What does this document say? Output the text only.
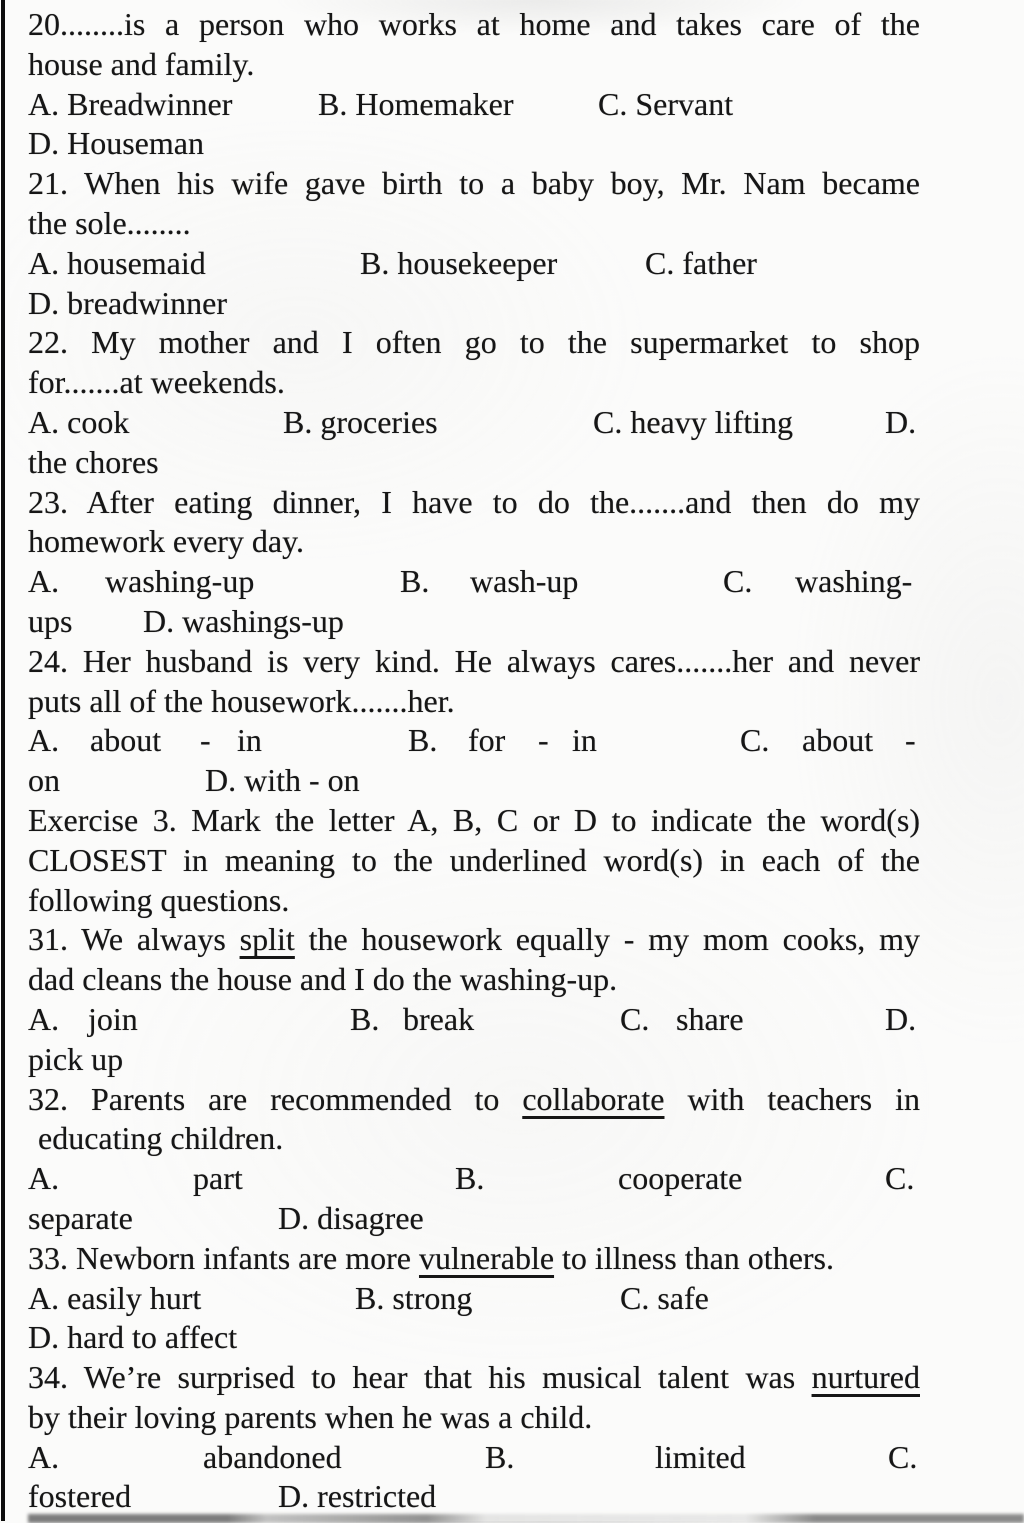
20........is a person who works at home and takes care of the
house and family.
A. Breadwinner	B. Homemaker	C. Servant
D. Houseman
21. When his wife gave birth to a baby boy, Mr. Nam became
the sole........
A. housemaid	B. housekeeper	C. father
D. breadwinner
22. My mother and I often go to the supermarket to shop
for.......at weekends.
A. cook	B. groceries	C. heavy lifting	D.
the chores
23. After eating dinner, I have to do the.......and then do my
homework every day.
A. washing-up	B. wash-up	C. washing-
ups D. washings-up
24. Her husband is very kind. He always cares.......her and never
puts all of the housework.......her.
A. about - in	B. for - in	C. about -
on	D. with - on
Exercise 3. Mark the letter A, B, C or D to indicate the word(s)
CLOSEST in meaning to the underlined word(s) in each of the
following questions.
31. We always split the housework equally - my mom cooks, my
dad cleans the house and I do the washing-up.
A. join	B. break	C. share	D.
pick up
32. Parents are recommended to collaborate with teachers in
educating children.
A.	part	B.	cooperate	C.
separate	D. disagree
33. Newborn infants are more vulnerable to illness than others.
A. easily hurt	B. strong	C. safe
D. hard to affect
34. We’re surprised to hear that his musical talent was nurtured
by their loving parents when he was a child.
A.	abandoned	B.	limited	C.
fostered	D. restricted
